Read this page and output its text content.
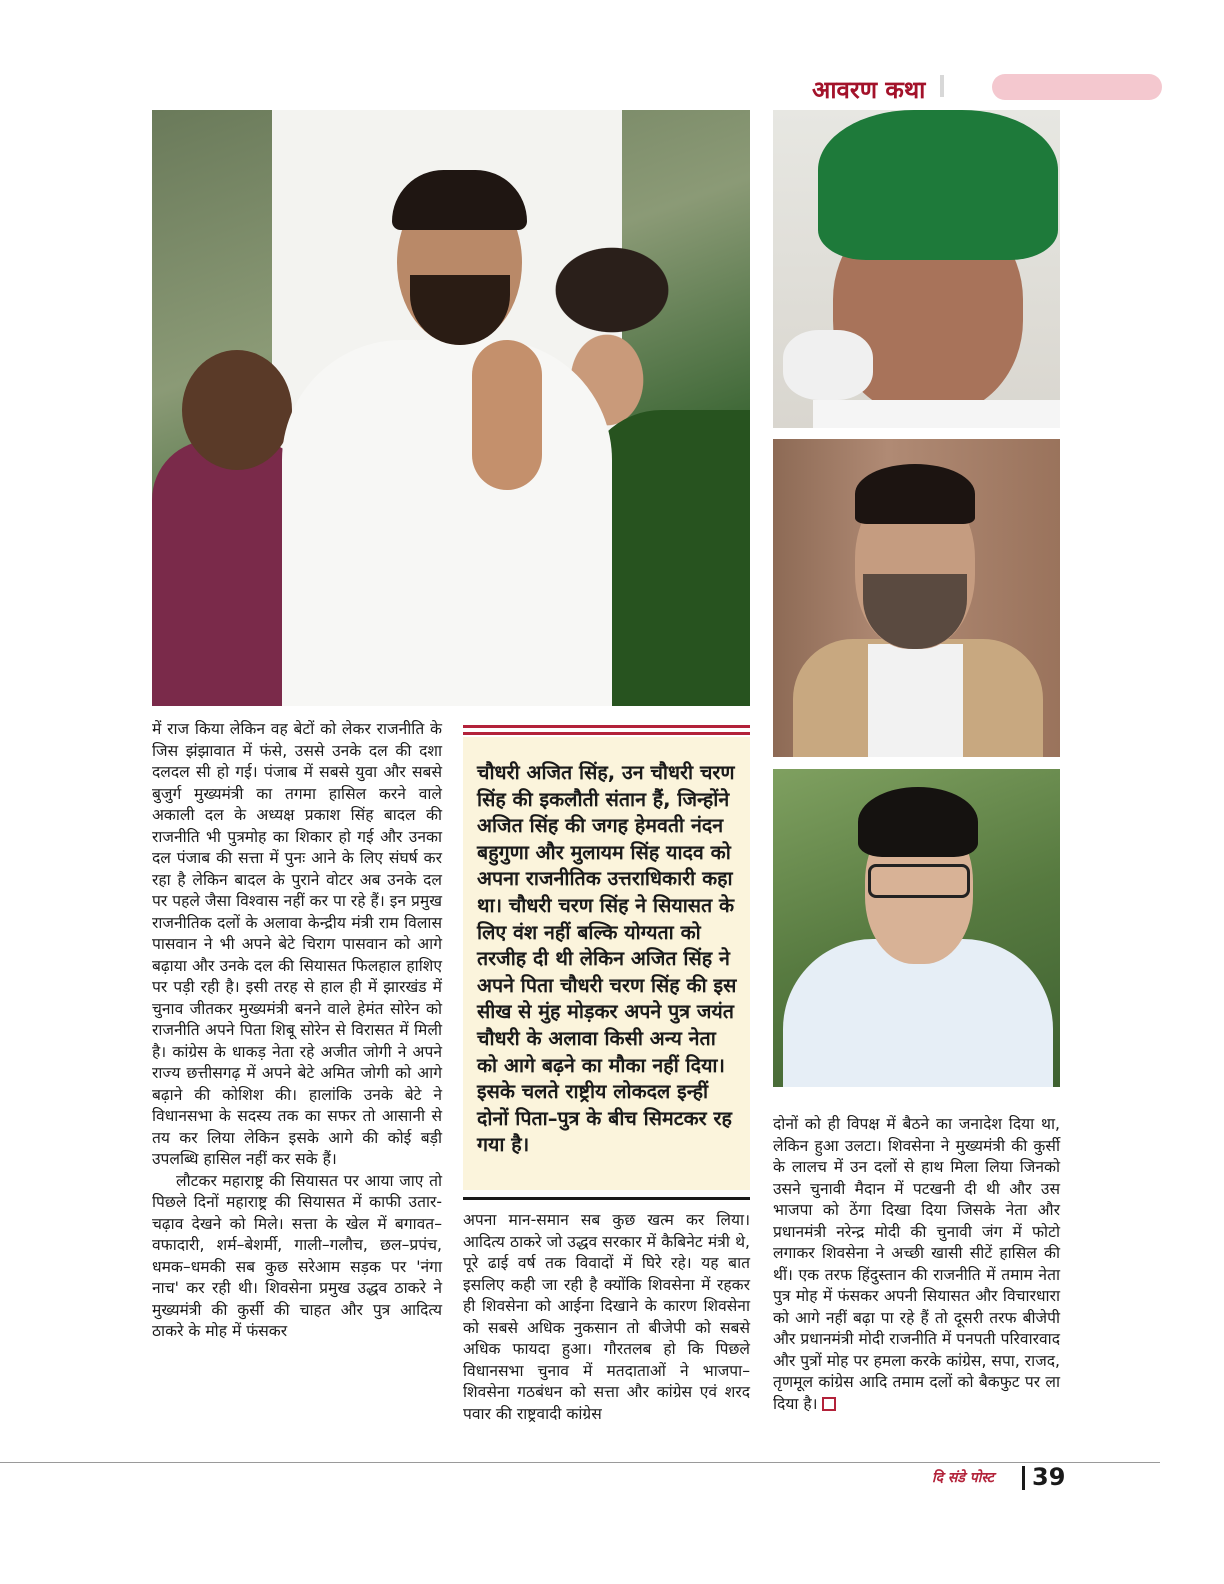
आवरण कथा

में राज किया लेकिन वह बेटों को लेकर राजनीति के जिस झंझावात में फंसे, उससे उनके दल की दशा दलदल सी हो गई। पंजाब में सबसे युवा और सबसे बुजुर्ग मुख्यमंत्री का तगमा हासिल करने वाले अकाली दल के अध्यक्ष प्रकाश सिंह बादल की राजनीति भी पुत्रमोह का शिकार हो गई और उनका दल पंजाब की सत्ता में पुनः आने के लिए संघर्ष कर रहा है लेकिन बादल के पुराने वोटर अब उनके दल पर पहले जैसा विश्वास नहीं कर पा रहे हैं। इन प्रमुख राजनीतिक दलों के अलावा केन्द्रीय मंत्री राम विलास पासवान ने भी अपने बेटे चिराग पासवान को आगे बढ़ाया और उनके दल की सियासत फिलहाल हाशिए पर पड़ी रही है। इसी तरह से हाल ही में झारखंड में चुनाव जीतकर मुख्यमंत्री बनने वाले हेमंत सोरेन को राजनीति अपने पिता शिबू सोरेन से विरासत में मिली है। कांग्रेस के धाकड़ नेता रहे अजीत जोगी ने अपने राज्य छत्तीसगढ़ में अपने बेटे अमित जोगी को आगे बढ़ाने की कोशिश की। हालांकि उनके बेटे ने विधानसभा के सदस्य तक का सफर तो आसानी से तय कर लिया लेकिन इसके आगे की कोई बड़ी उपलब्धि हासिल नहीं कर सके हैं।

लौटकर महाराष्ट्र की सियासत पर आया जाए तो पिछले दिनों महाराष्ट्र की सियासत में काफी उतार-चढ़ाव देखने को मिले। सत्ता के खेल में बगावत–वफादारी, शर्म–बेशर्मी, गाली–गलौच, छल–प्रपंच, धमक–धमकी सब कुछ सरेआम सड़क पर 'नंगा नाच' कर रही थी। शिवसेना प्रमुख उद्धव ठाकरे ने मुख्यमंत्री की कुर्सी की चाहत और पुत्र आदित्य ठाकरे के मोह में फंसकर

चौधरी अजित सिंह, उन चौधरी चरण सिंह की इकलौती संतान हैं, जिन्होंने अजित सिंह की जगह हेमवती नंदन बहुगुणा और मुलायम सिंह यादव को अपना राजनीतिक उत्तराधिकारी कहा था। चौधरी चरण सिंह ने सियासत के लिए वंश नहीं बल्कि योग्यता को तरजीह दी थी लेकिन अजित सिंह ने अपने पिता चौधरी चरण सिंह की इस सीख से मुंह मोड़कर अपने पुत्र जयंत चौधरी के अलावा किसी अन्य नेता को आगे बढ़ने का मौका नहीं दिया। इसके चलते राष्ट्रीय लोकदल इन्हीं दोनों पिता–पुत्र के बीच सिमटकर रह गया है।

अपना मान-समान सब कुछ खत्म कर लिया। आदित्य ठाकरे जो उद्धव सरकार में कैबिनेट मंत्री थे, पूरे ढाई वर्ष तक विवादों में घिरे रहे। यह बात इसलिए कही जा रही है क्योंकि शिवसेना में रहकर ही शिवसेना को आईना दिखाने के कारण शिवसेना को सबसे अधिक नुकसान तो बीजेपी को सबसे अधिक फायदा हुआ। गौरतलब हो कि पिछले विधानसभा चुनाव में मतदाताओं ने भाजपा–शिवसेना गठबंधन को सत्ता और कांग्रेस एवं शरद पवार की राष्ट्रवादी कांग्रेस

दोनों को ही विपक्ष में बैठने का जनादेश दिया था, लेकिन हुआ उलटा। शिवसेना ने मुख्यमंत्री की कुर्सी के लालच में उन दलों से हाथ मिला लिया जिनको उसने चुनावी मैदान में पटखनी दी थी और उस भाजपा को ठेंगा दिखा दिया जिसके नेता और प्रधानमंत्री नरेन्द्र मोदी की चुनावी जंग में फोटो लगाकर शिवसेना ने अच्छी खासी सीटें हासिल की थीं। एक तरफ हिंदुस्तान की राजनीति में तमाम नेता पुत्र मोह में फंसकर अपनी सियासत और विचारधारा को आगे नहीं बढ़ा पा रहे हैं तो दूसरी तरफ बीजेपी और प्रधानमंत्री मोदी राजनीति में पनपती परिवारवाद और पुत्रों मोह पर हमला करके कांग्रेस, सपा, राजद, तृणमूल कांग्रेस आदि तमाम दलों को बैकफुट पर ला दिया है।

दि संडे पोस्ट 39
